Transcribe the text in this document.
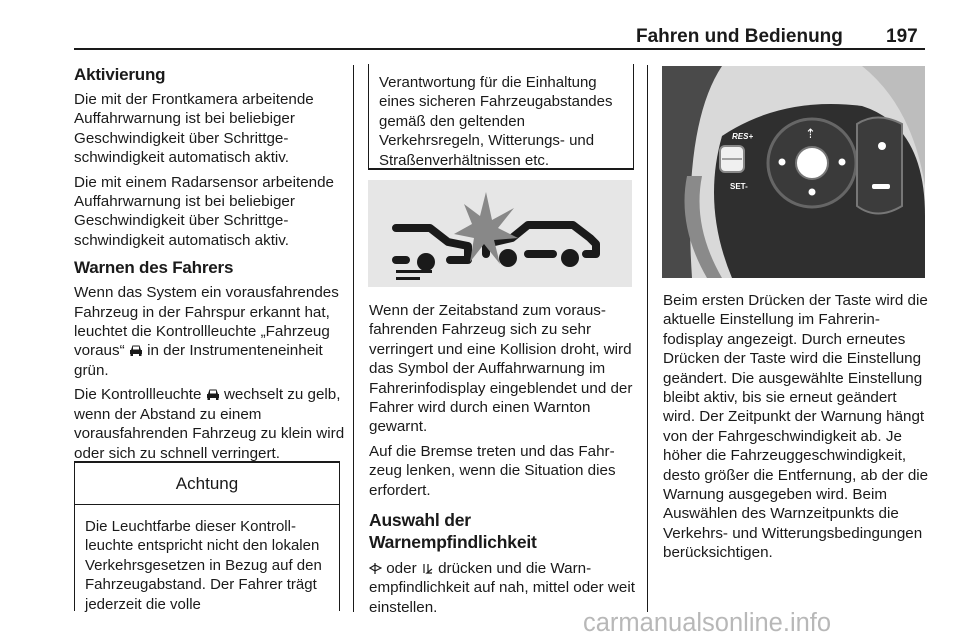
Fahren und Bedienung 197
Aktivierung

Die mit der Frontkamera arbeitende Auffahrwarnung ist bei beliebiger Geschwindigkeit über Schrittgeschwindigkeit automatisch aktiv.

Die mit einem Radarsensor arbeitende Auffahrwarnung ist bei beliebiger Geschwindigkeit über Schrittgeschwindigkeit automatisch aktiv.

Warnen des Fahrers

Wenn das System ein vorausfahrendes Fahrzeug in der Fahrspur erkannt hat, leuchtet die Kontrollleuchte „Fahrzeug voraus“ in der Instrumenteneinheit grün.

Die Kontrollleuchte wechselt zu gelb, wenn der Abstand zu einem vorausfahrenden Fahrzeug zu klein wird oder sich zu schnell verringert.

Achtung
Die Leuchtfarbe dieser Kontrollleuchte entspricht nicht den lokalen Verkehrsgesetzen in Bezug auf den Fahrzeugabstand. Der Fahrer trägt jederzeit die volle
Verantwortung für die Einhaltung eines sicheren Fahrzeugabstandes gemäß den geltenden Verkehrsregeln, Witterungs- und Straßenverhältnissen etc.

Wenn der Zeitabstand zum vorausfahrenden Fahrzeug sich zu sehr verringert und eine Kollision droht, wird das Symbol der Auffahrwarnung im Fahrerinfodisplay eingeblendet und der Fahrer wird durch einen Warnton gewarnt.

Auf die Bremse treten und das Fahrzeug lenken, wenn die Situation dies erfordert.

Auswahl der Warnempfindlichkeit

oder drücken und die Warnempfindlichkeit auf nah, mittel oder weit einstellen.

RES+
SET-
⇡

Beim ersten Drücken der Taste wird die aktuelle Einstellung im Fahrerinfodisplay angezeigt. Durch erneutes Drücken der Taste wird die Einstellung geändert. Die ausgewählte Einstellung bleibt aktiv, bis sie erneut geändert wird. Der Zeitpunkt der Warnung hängt von der Fahrgeschwindigkeit ab. Je höher die Fahrzeuggeschwindigkeit, desto größer die Entfernung, ab der die Warnung ausgegeben wird. Beim Auswählen des Warnzeitpunkts die Verkehrs- und Witterungsbedingungen berücksichtigen.

carmanualsonline.info
